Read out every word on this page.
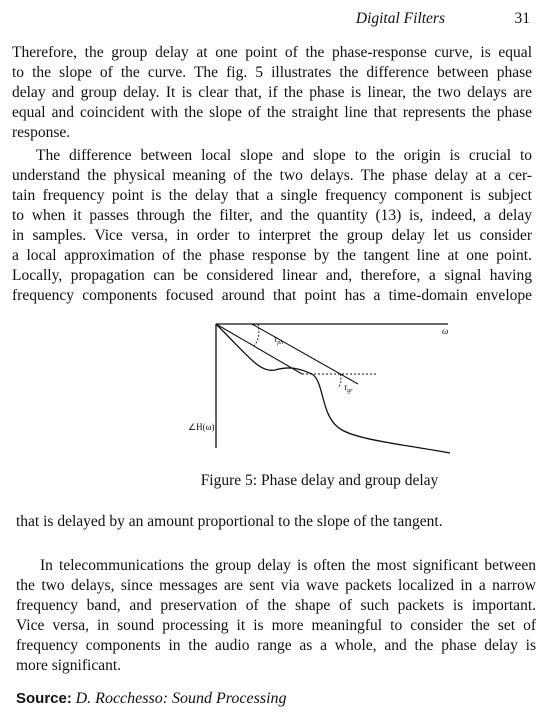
Digital Filters	31
Therefore, the group delay at one point of the phase-response curve, is equal
to the slope of the curve. The fig. 5 illustrates the difference between phase
delay and group delay. It is clear that, if the phase is linear, the two delays are
equal and coincident with the slope of the straight line that represents the phase
response.
The difference between local slope and slope to the origin is crucial to
understand the physical meaning of the two delays. The phase delay at a cer-
tain frequency point is the delay that a single frequency component is subject
to when it passes through the filter, and the quantity (13) is, indeed, a delay
in samples. Vice versa, in order to interpret the group delay let us consider
a local approximation of the phase response by the tangent line at one point.
Locally, propagation can be considered linear and, therefore, a signal having
frequency components focused around that point has a time-domain envelope
ω
$\tau_{ph}$
$\tau_{gr}$
∠H(ω)
Figure 5: Phase delay and group delay
that is delayed by an amount proportional to the slope of the tangent.
In telecommunications the group delay is often the most significant between
the two delays, since messages are sent via wave packets localized in a narrow
frequency band, and preservation of the shape of such packets is important.
Vice versa, in sound processing it is more meaningful to consider the set of
frequency components in the audio range as a whole, and the phase delay is
more significant.
Source: D. Rocchesso: Sound Processing
